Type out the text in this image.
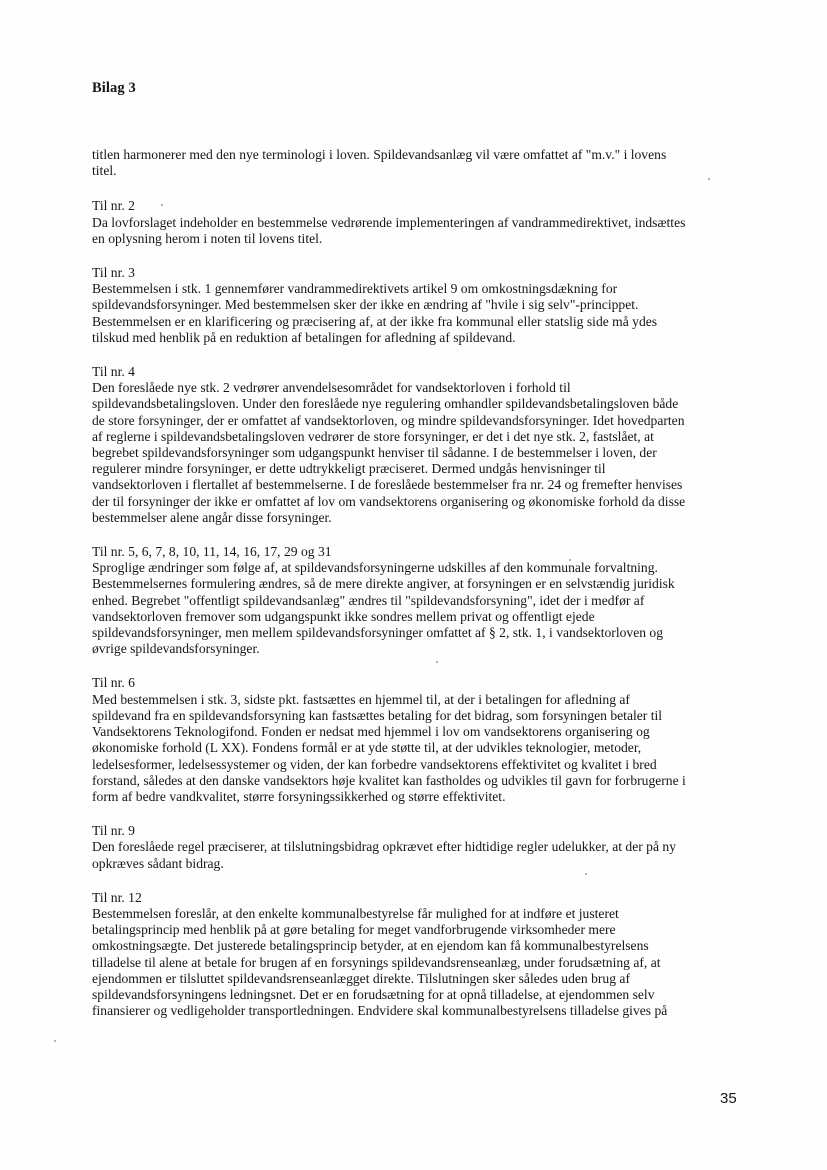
Bilag 3
titlen harmonerer med den nye terminologi i loven. Spildevandsanlæg vil være omfattet af "m.v." i lovens
titel.
Til nr. 2
Da lovforslaget indeholder en bestemmelse vedrørende implementeringen af vandrammedirektivet, indsættes
en oplysning herom i noten til lovens titel.
Til nr. 3
Bestemmelsen i stk. 1 gennemfører vandrammedirektivets artikel 9 om omkostningsdækning for
spildevandsforsyninger. Med bestemmelsen sker der ikke en ændring af "hvile i sig selv"-princippet.
Bestemmelsen er en klarificering og præcisering af, at der ikke fra kommunal eller statslig side må ydes
tilskud med henblik på en reduktion af betalingen for afledning af spildevand.
Til nr. 4
Den foreslåede nye stk. 2 vedrører anvendelsesområdet for vandsektorloven i forhold til
spildevandsbetalingsloven. Under den foreslåede nye regulering omhandler spildevandsbetalingsloven både
de store forsyninger, der er omfattet af vandsektorloven, og mindre spildevandsforsyninger. Idet hovedparten
af reglerne i spildevandsbetalingsloven vedrører de store forsyninger, er det i det nye stk. 2, fastslået, at
begrebet spildevandsforsyninger som udgangspunkt henviser til sådanne. I de bestemmelser i loven, der
regulerer mindre forsyninger, er dette udtrykkeligt præciseret. Dermed undgås henvisninger til
vandsektorloven i flertallet af bestemmelserne. I de foreslåede bestemmelser fra nr. 24 og fremefter henvises
der til forsyninger der ikke er omfattet af lov om vandsektorens organisering og økonomiske forhold da disse
bestemmelser alene angår disse forsyninger.
Til nr. 5, 6, 7, 8, 10, 11, 14, 16, 17, 29 og 31
Sproglige ændringer som følge af, at spildevandsforsyningerne udskilles af den kommunale forvaltning.
Bestemmelsernes formulering ændres, så de mere direkte angiver, at forsyningen er en selvstændig juridisk
enhed. Begrebet "offentligt spildevandsanlæg" ændres til "spildevandsforsyning", idet der i medfør af
vandsektorloven fremover som udgangspunkt ikke sondres mellem privat og offentligt ejede
spildevandsforsyninger, men mellem spildevandsforsyninger omfattet af § 2, stk. 1, i vandsektorloven og
øvrige spildevandsforsyninger.
Til nr. 6
Med bestemmelsen i stk. 3, sidste pkt. fastsættes en hjemmel til, at der i betalingen for afledning af
spildevand fra en spildevandsforsyning kan fastsættes betaling for det bidrag, som forsyningen betaler til
Vandsektorens Teknologifond. Fonden er nedsat med hjemmel i lov om vandsektorens organisering og
økonomiske forhold (L XX). Fondens formål er at yde støtte til, at der udvikles teknologier, metoder,
ledelsesformer, ledelsessystemer og viden, der kan forbedre vandsektorens effektivitet og kvalitet i bred
forstand, således at den danske vandsektors høje kvalitet kan fastholdes og udvikles til gavn for forbrugerne i
form af bedre vandkvalitet, større forsyningssikkerhed og større effektivitet.
Til nr. 9
Den foreslåede regel præciserer, at tilslutningsbidrag opkrævet efter hidtidige regler udelukker, at der på ny
opkræves sådant bidrag.
Til nr. 12
Bestemmelsen foreslår, at den enkelte kommunalbestyrelse får mulighed for at indføre et justeret
betalingsprincip med henblik på at gøre betaling for meget vandforbrugende virksomheder mere
omkostningsægte. Det justerede betalingsprincip betyder, at en ejendom kan få kommunalbestyrelsens
tilladelse til alene at betale for brugen af en forsynings spildevandsrenseanlæg, under forudsætning af, at
ejendommen er tilsluttet spildevandsrenseanlægget direkte. Tilslutningen sker således uden brug af
spildevandsforsyningens ledningsnet. Det er en forudsætning for at opnå tilladelse, at ejendommen selv
finansierer og vedligeholder transportledningen. Endvidere skal kommunalbestyrelsens tilladelse gives på
35
